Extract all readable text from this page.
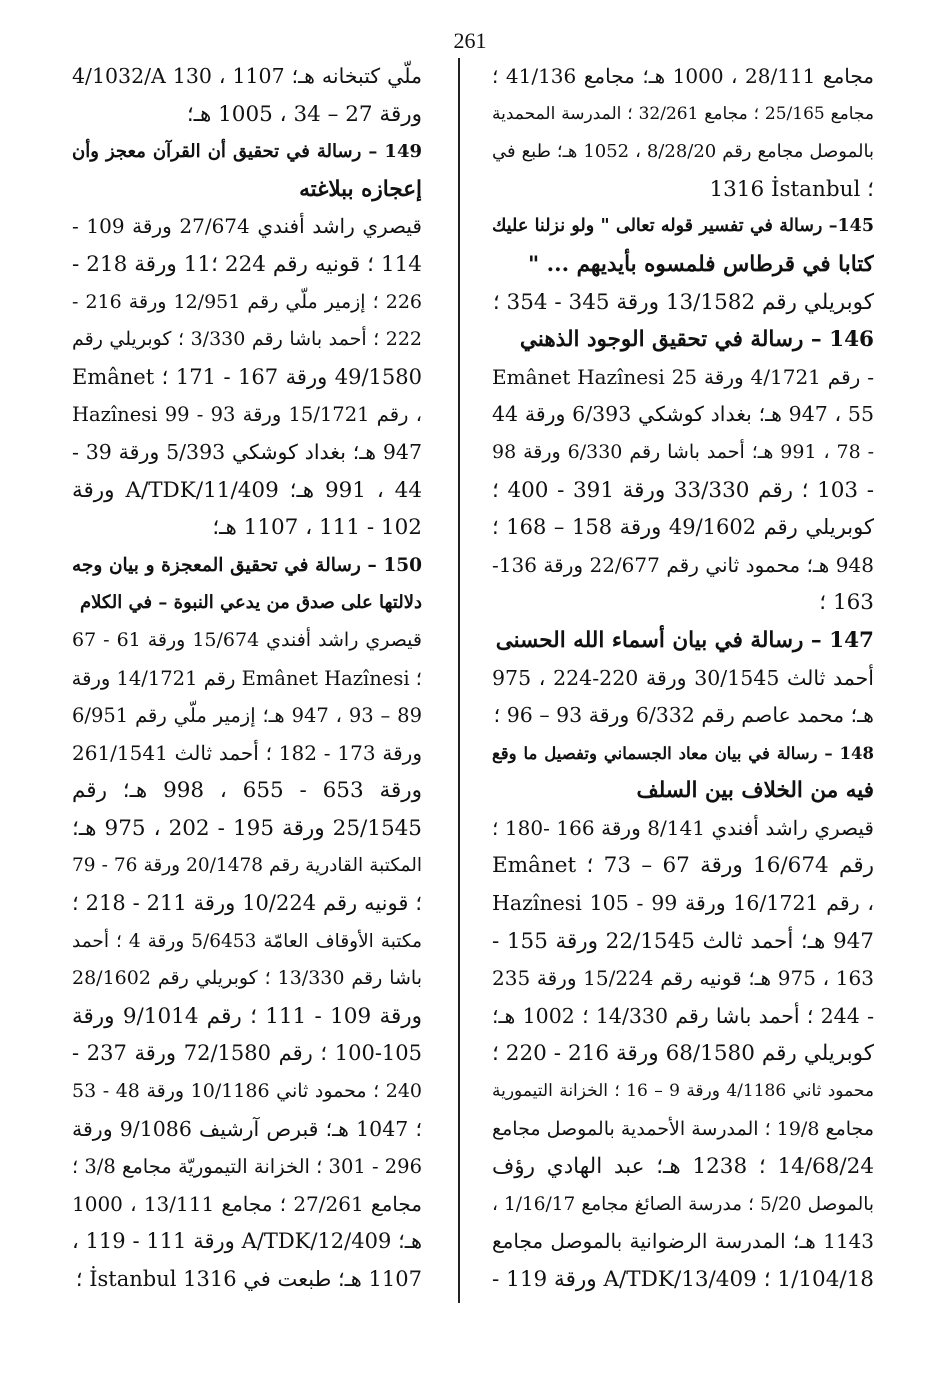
261
مجامع 28/111 ، 1000 هـ؛ مجامع 41/136 ؛
مجامع 25/165 ؛ مجامع 32/261 ؛ المدرسة المحمدية
بالموصل مجامع رقم 8/28/20 ، 1052 هـ؛ طبع في
1316 İstanbul ؛
145– رسالة في تفسير قوله تعالى " ولو نزلنا عليك
كتابا في قرطاس فلمسوه بأيديهم ... "
كوبريلي رقم 13/1582 ورقة 345 - 354 ؛
146 – رسالة في تحقيق الوجود الذهني
Emânet Hazînesi رقم 4/1721 ورقة 25 -
55 ، 947 هـ؛ بغداد كوشكي 6/393 ورقة 44
- 78 ، 991 هـ؛ أحمد باشا رقم 6/330 ورقة 98
- 103 ؛ رقم 33/330 ورقة 391 - 400 ؛
كوبريلي رقم 49/1602 ورقة 158 – 168 ؛
948 هـ؛ محمود ثاني رقم 22/677 ورقة 136-
163 ؛
147 – رسالة في بيان أسماء الله الحسنى
أحمد ثالث 30/1545 ورقة 220-224 ، 975
هـ؛ محمد عاصم رقم 6/332 ورقة 93 – 96 ؛
148 – رسالة في بيان معاد الجسماني وتفصيل ما وقع
فيه من الخلاف بين السلف
قيصري راشد أفندي 8/141 ورقة 166 -180 ؛
رقم 16/674 ورقة 67 – 73 ؛ Emânet
Hazînesi رقم 16/1721 ورقة 99 - 105 ،
947 هـ؛ أحمد ثالث 22/1545 ورقة 155 -
163 ، 975 هـ؛ قونيه رقم 15/224 ورقة 235
- 244 ؛ أحمد باشا رقم 14/330 ؛ 1002 هـ؛
كوبريلي رقم 68/1580 ورقة 216 - 220 ؛
محمود ثاني 4/1186 ورقة 9 – 16 ؛ الخزانة التيمورية
مجامع 19/8 ؛ المدرسة الأحمدية بالموصل مجامع
14/68/24 ؛ 1238 هـ؛ عبد الهادي رؤف
بالموصل 5/20 ؛ مدرسة الصائغ مجامع 1/16/17 ،
1143 هـ؛ المدرسة الرضوانية بالموصل مجامع
1/104/18 ؛ 13/409/A/TDK ورقة 119 -
4/1032/A ملّي كتبخانه هـ؛ 1107 ، 130
ورقة 27 – 34 ، 1005 هـ؛
149 – رسالة في تحقيق أن القرآن معجز وأن
إعجازه ببلاغته
قيصري راشد أفندي 27/674 ورقة 109 -
114 ؛ قونيه رقم 224 ؛11 ورقة 218 -
226 ؛ إزمير ملّي رقم 12/951 ورقة 216 -
222 ؛ أحمد باشا رقم 3/330 ؛ كوبريلي رقم
49/1580 ورقة 167 - 171 ؛ Emânet
Hazînesi رقم 15/1721 ورقة 93 - 99 ،
947 هـ؛ بغداد كوشكي 5/393 ورقة 39 -
44 ، 991 هـ؛ 11/409/A/TDK ورقة
102 - 111 ، 1107 هـ؛
150 – رسالة في تحقيق المعجزة و بيان وجه
دلالتها على صدق من يدعي النبوة – في الكلام
قيصري راشد أفندي 15/674 ورقة 61 - 67
؛ Emânet Hazînesi رقم 14/1721 ورقة
89 – 93 ، 947 هـ؛ إزمير ملّي رقم 6/951
ورقة 173 - 182 ؛ أحمد ثالث 261/1541
ورقة 653 - 655 ، 998 هـ؛ رقم
25/1545 ورقة 195 - 202 ، 975 هـ؛
المكتبة القادرية رقم 20/1478 ورقة 76 - 79
؛ قونيه رقم 10/224 ورقة 211 - 218 ؛
مكتبة الأوقاف العامّة 5/6453 ورقة 4 ؛ أحمد
باشا رقم 13/330 ؛ كوبريلي رقم 28/1602
ورقة 109 - 111 ؛ رقم 9/1014 ورقة
100-105 ؛ رقم 72/1580 ورقة 237 -
240 ؛ محمود ثاني 10/1186 ورقة 48 - 53
؛ 1047 هـ؛ قبرص آرشيف 9/1086 ورقة
296 - 301 ؛ الخزانة التيموريّة مجامع 3/8 ؛
مجامع 27/261 ؛ مجامع 13/111 ، 1000
هـ؛ 12/409/A/TDK ورقة 111 - 119 ،
1107 هـ؛ طبعت في 1316 İstanbul ؛
